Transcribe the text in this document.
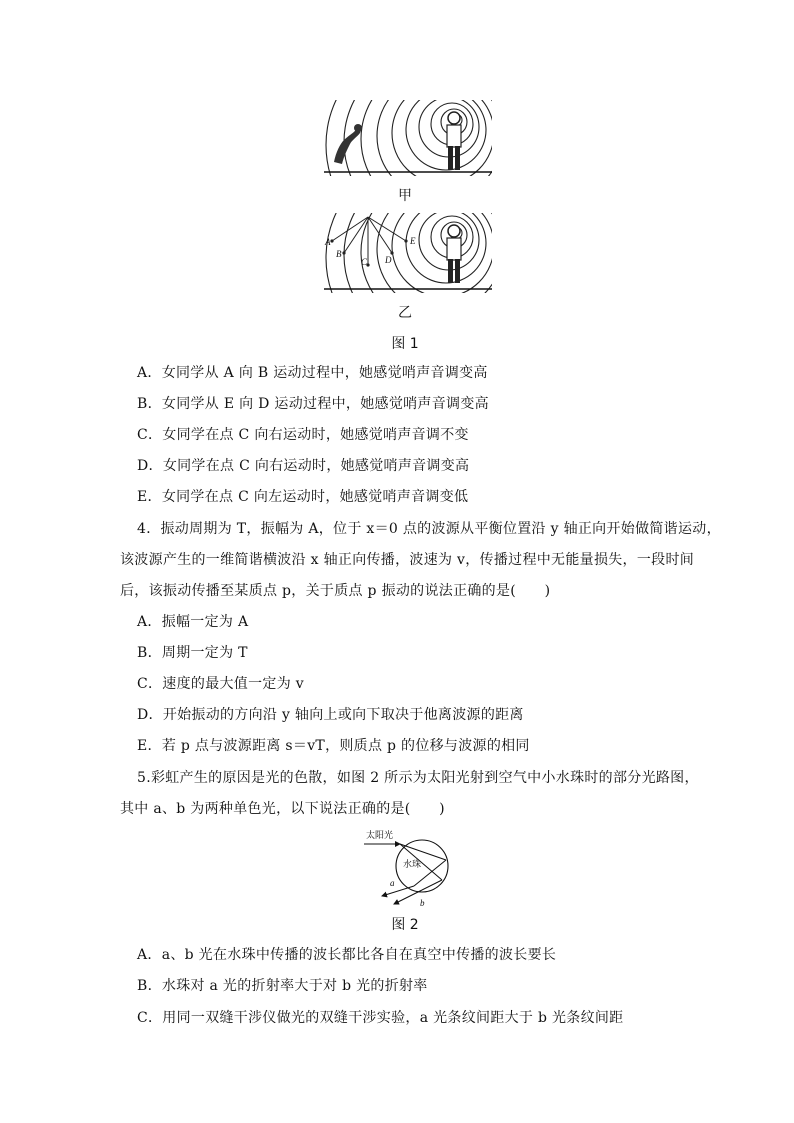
甲
A
B
C D
E
乙
图 1
A．女同学从 A 向 B 运动过程中，她感觉哨声音调变高
B．女同学从 E 向 D 运动过程中，她感觉哨声音调变高
C．女同学在点 C 向右运动时，她感觉哨声音调不变
D．女同学在点 C 向右运动时，她感觉哨声音调变高
E．女同学在点 C 向左运动时，她感觉哨声音调变低
4．振动周期为 T，振幅为 A，位于 x＝0 点的波源从平衡位置沿 y 轴正向开始做简谐运动，
该波源产生的一维简谐横波沿 x 轴正向传播，波速为 v，传播过程中无能量损失，一段时间
后，该振动传播至某质点 p，关于质点 p 振动的说法正确的是(　　)
A．振幅一定为 A
B．周期一定为 T
C．速度的最大值一定为 v
D．开始振动的方向沿 y 轴向上或向下取决于他离波源的距离
E．若 p 点与波源距离 s＝vT，则质点 p 的位移与波源的相同
5.彩虹产生的原因是光的色散，如图 2 所示为太阳光射到空气中小水珠时的部分光路图，
其中 a、b 为两种单色光，以下说法正确的是(　　)
太阳光
水珠
a
b
图 2
A．a、b 光在水珠中传播的波长都比各自在真空中传播的波长要长
B．水珠对 a 光的折射率大于对 b 光的折射率
C．用同一双缝干涉仪做光的双缝干涉实验，a 光条纹间距大于 b 光条纹间距
